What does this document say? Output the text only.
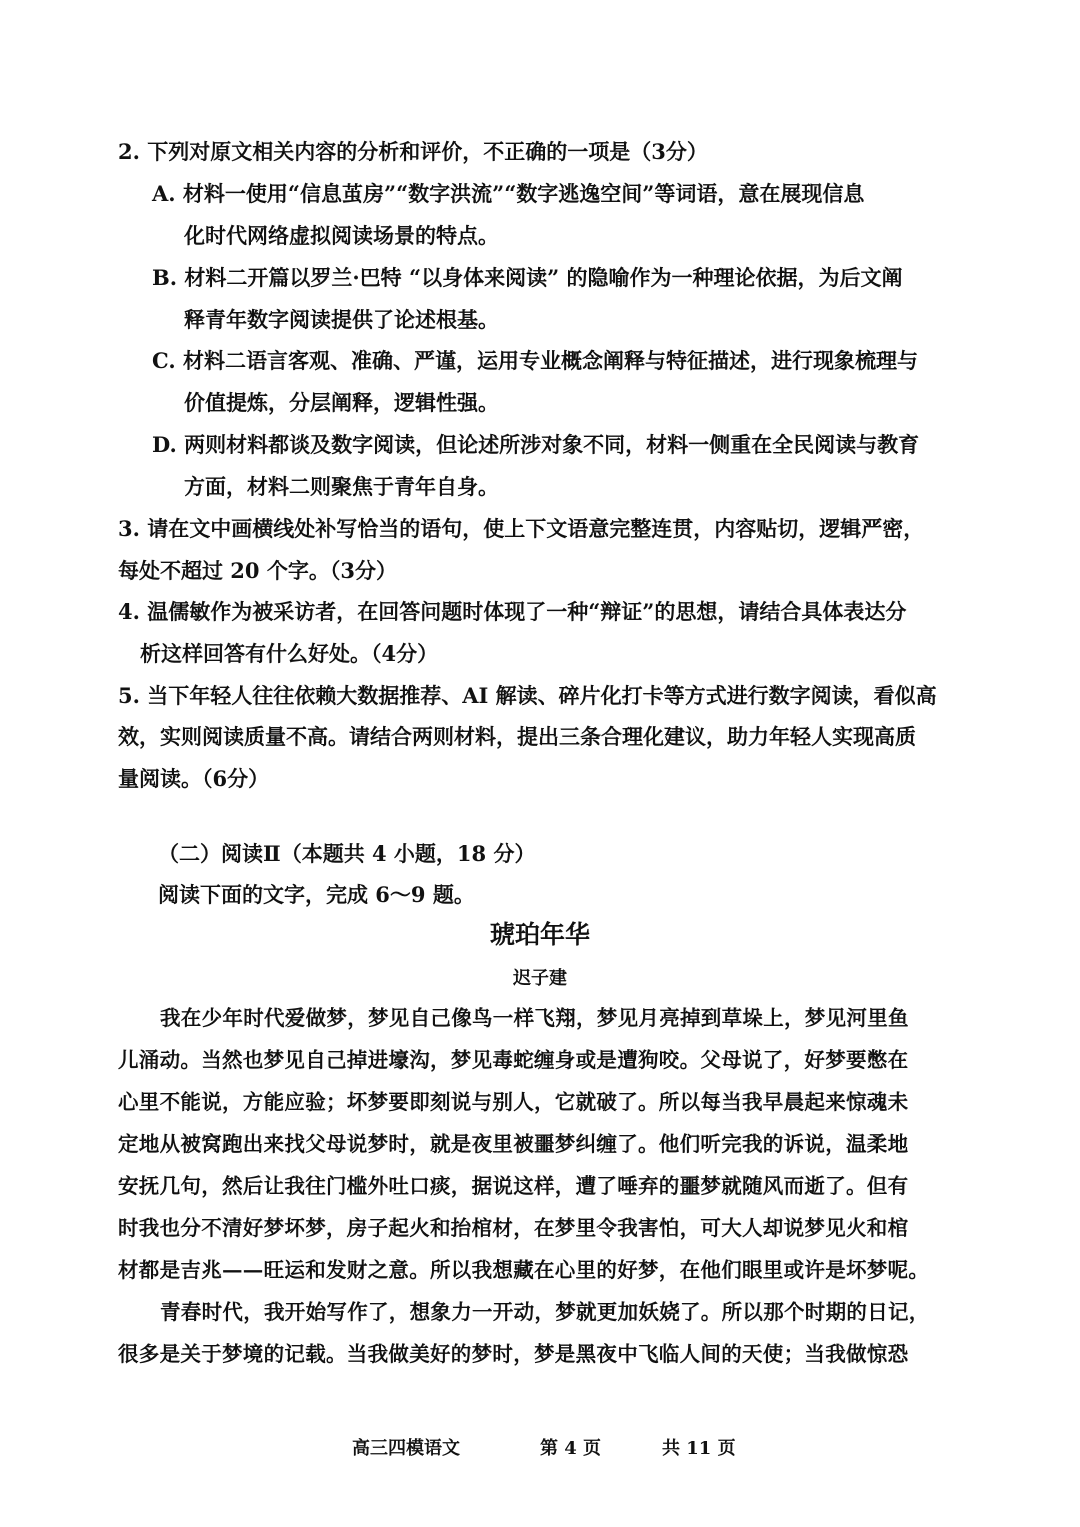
2. 下列对原文相关内容的分析和评价，不正确的一项是（3分）
A. 材料一使用“信息茧房”“数字洪流”“数字逃逸空间”等词语，意在展现信息
化时代网络虚拟阅读场景的特点。
B. 材料二开篇以罗兰·巴特 “以身体来阅读” 的隐喻作为一种理论依据，为后文阐
释青年数字阅读提供了论述根基。
C. 材料二语言客观、准确、严谨，运用专业概念阐释与特征描述，进行现象梳理与
价值提炼，分层阐释，逻辑性强。
D. 两则材料都谈及数字阅读，但论述所涉对象不同，材料一侧重在全民阅读与教育
方面，材料二则聚焦于青年自身。
3. 请在文中画横线处补写恰当的语句，使上下文语意完整连贯，内容贴切，逻辑严密，
每处不超过 20 个字。（3分）
4. 温儒敏作为被采访者，在回答问题时体现了一种“辩证”的思想，请结合具体表达分
析这样回答有什么好处。（4分）
5. 当下年轻人往往依赖大数据推荐、AI 解读、碎片化打卡等方式进行数字阅读，看似高
效，实则阅读质量不高。请结合两则材料，提出三条合理化建议，助力年轻人实现高质
量阅读。（6分）
（二）阅读Ⅱ（本题共 4 小题，18 分）
阅读下面的文字，完成 6～9 题。
琥珀年华
迟子建
我在少年时代爱做梦，梦见自己像鸟一样飞翔，梦见月亮掉到草垛上，梦见河里鱼
儿涌动。当然也梦见自己掉进壕沟，梦见毒蛇缠身或是遭狗咬。父母说了，好梦要憋在
心里不能说，方能应验；坏梦要即刻说与别人，它就破了。所以每当我早晨起来惊魂未
定地从被窝跑出来找父母说梦时，就是夜里被噩梦纠缠了。他们听完我的诉说，温柔地
安抚几句，然后让我往门槛外吐口痰，据说这样，遭了唾弃的噩梦就随风而逝了。但有
时我也分不清好梦坏梦，房子起火和抬棺材，在梦里令我害怕，可大人却说梦见火和棺
材都是吉兆——旺运和发财之意。所以我想藏在心里的好梦，在他们眼里或许是坏梦呢。
青春时代，我开始写作了，想象力一开动，梦就更加妖娆了。所以那个时期的日记，
很多是关于梦境的记载。当我做美好的梦时，梦是黑夜中飞临人间的天使；当我做惊恐
高三四模语文	第 4 页	共 11 页
